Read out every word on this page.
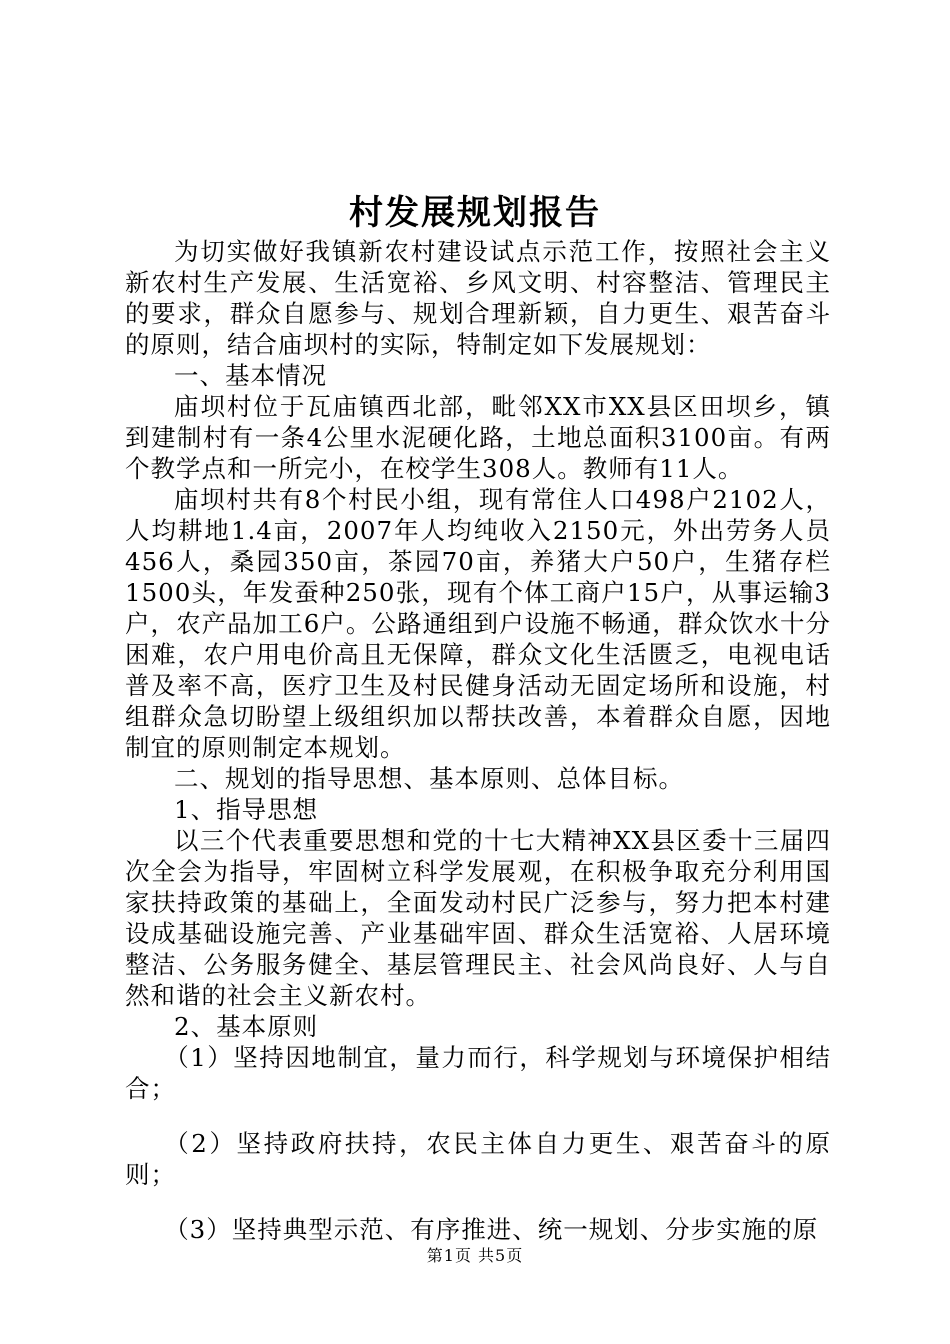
村发展规划报告

为切实做好我镇新农村建设试点示范工作，按照社会主义新农村生产发展、生活宽裕、乡风文明、村容整洁、管理民主的要求，群众自愿参与、规划合理新颖，自力更生、艰苦奋斗的原则，结合庙坝村的实际，特制定如下发展规划：

一、基本情况

庙坝村位于瓦庙镇西北部，毗邻XX市XX县区田坝乡，镇到建制村有一条4公里水泥硬化路，土地总面积3100亩。有两个教学点和一所完小，在校学生308人。教师有11人。

庙坝村共有8个村民小组，现有常住人口498户2102人，人均耕地1.4亩，2007年人均纯收入2150元，外出劳务人员456人，桑园350亩，茶园70亩，养猪大户50户，生猪存栏1500头，年发蚕种250张，现有个体工商户15户，从事运输3户，农产品加工6户。公路通组到户设施不畅通，群众饮水十分困难，农户用电价高且无保障，群众文化生活匮乏，电视电话普及率不高，医疗卫生及村民健身活动无固定场所和设施，村组群众急切盼望上级组织加以帮扶改善，本着群众自愿，因地制宜的原则制定本规划。

二、规划的指导思想、基本原则、总体目标。

1、指导思想

以三个代表重要思想和党的十七大精神XX县区委十三届四次全会为指导，牢固树立科学发展观，在积极争取充分利用国家扶持政策的基础上，全面发动村民广泛参与，努力把本村建设成基础设施完善、产业基础牢固、群众生活宽裕、人居环境整洁、公务服务健全、基层管理民主、社会风尚良好、人与自然和谐的社会主义新农村。

2、基本原则

（1）坚持因地制宜，量力而行，科学规划与环境保护相结合；

（2）坚持政府扶持，农民主体自力更生、艰苦奋斗的原则；

（3）坚持典型示范、有序推进、统一规划、分步实施的原

第1页 共5页
